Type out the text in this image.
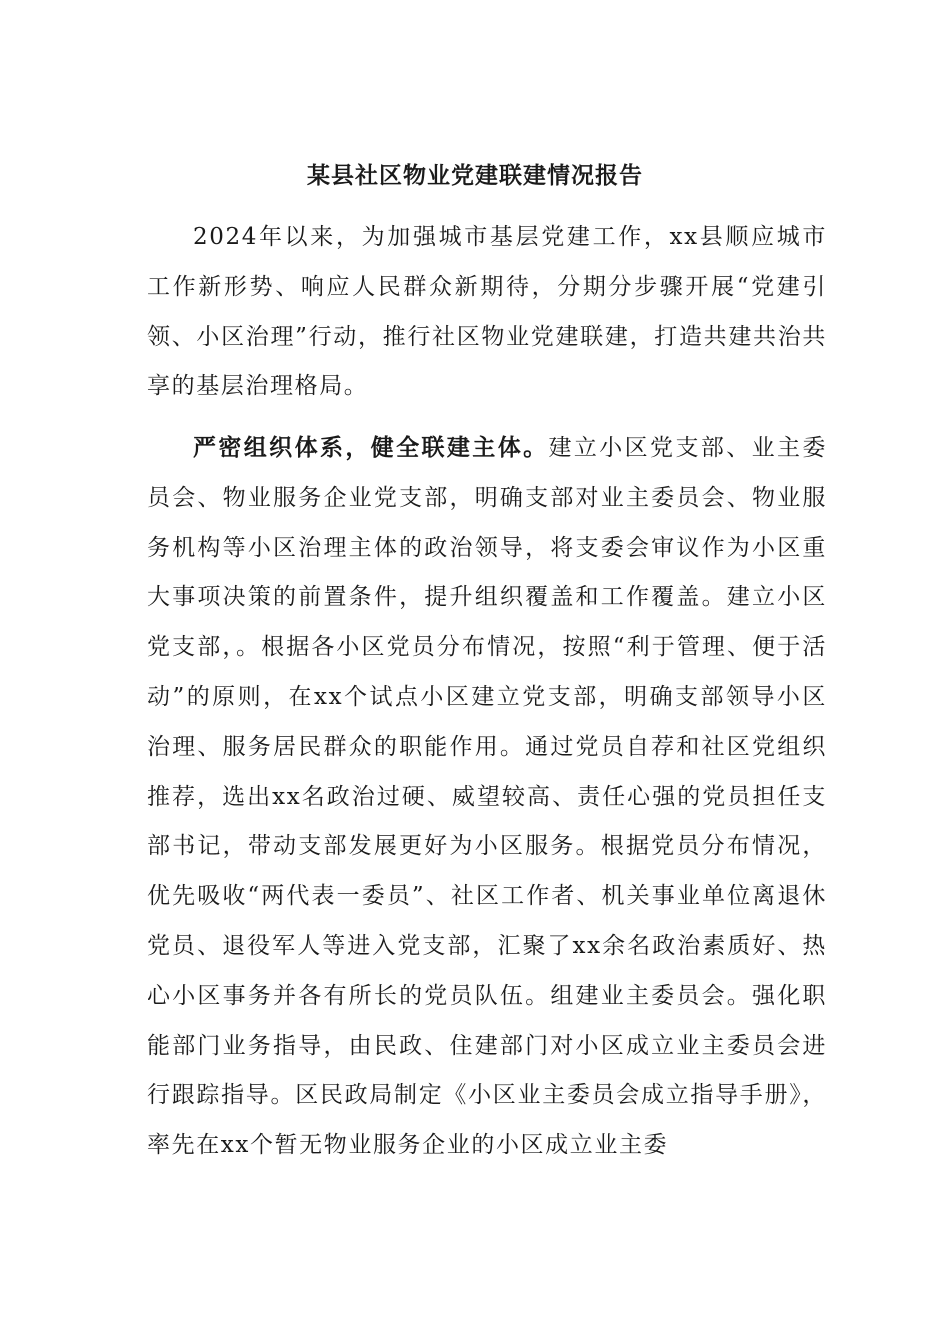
某县社区物业党建联建情况报告

2024年以来，为加强城市基层党建工作，xx县顺应城市工作新形势、响应人民群众新期待，分期分步骤开展“党建引领、小区治理”行动，推行社区物业党建联建，打造共建共治共享的基层治理格局。

严密组织体系，健全联建主体。建立小区党支部、业主委员会、物业服务企业党支部，明确支部对业主委员会、物业服务机构等小区治理主体的政治领导，将支委会审议作为小区重大事项决策的前置条件，提升组织覆盖和工作覆盖。建立小区党支部，。根据各小区党员分布情况，按照“利于管理、便于活动”的原则，在xx个试点小区建立党支部，明确支部领导小区治理、服务居民群众的职能作用。通过党员自荐和社区党组织推荐，选出xx名政治过硬、威望较高、责任心强的党员担任支部书记，带动支部发展更好为小区服务。根据党员分布情况，优先吸收“两代表一委员”、社区工作者、机关事业单位离退休党员、退役军人等进入党支部，汇聚了xx余名政治素质好、热心小区事务并各有所长的党员队伍。组建业主委员会。强化职能部门业务指导，由民政、住建部门对小区成立业主委员会进行跟踪指导。区民政局制定《小区业主委员会成立指导手册》，率先在xx个暂无物业服务企业的小区成立业主委
